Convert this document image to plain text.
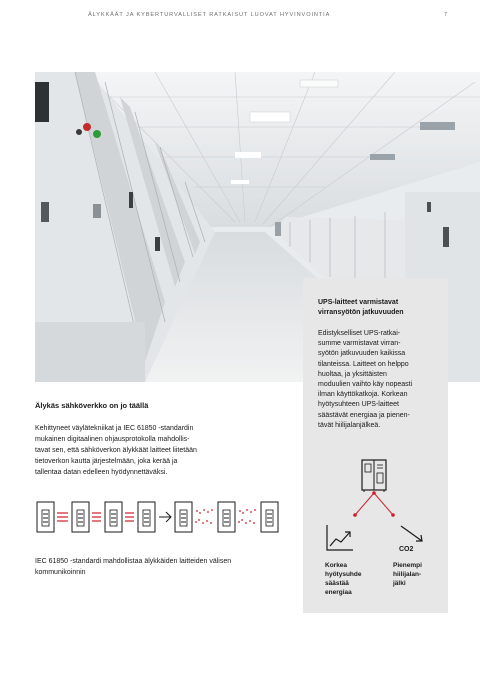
ÄLYKKÄÄT JA KYBERTURVALLISET RATKAISUT LUOVAT HYVINVOINTIA	7
Älykäs sähköverkko on jo täällä
Kehittyneet väylätekniikat ja IEC 61850 -standardin
mukainen digitaalinen ohjausprotokolla mahdollis-
tavat sen, että sähköverkon älykkäät laitteet liitetään
tietoverkon kautta järjestelmään, joka kerää ja
tallentaa datan edelleen hyödynnettäväksi.
IEC 61850 -standardi mahdollistaa älykkäiden laitteiden välisen
kommunikoinnin
UPS-laitteet varmistavat
virransyötön jatkuvuuden
Edistykselliset UPS-ratkai-
summe varmistavat virran-
syötön jatkuvuuden kaikissa
tilanteissa. Laitteet on helppo
huoltaa, ja yksittäisten
moduulien vaihto käy nopeasti
ilman käyttökatkoja. Korkean
hyötysuhteen UPS-laitteet
säästävät energiaa ja pienen-
tävät hiilijalanjälkeä.
CO2
Korkea
hyötysuhde
säästää
energiaa
Pienempi
hiilijalan-
jälki
